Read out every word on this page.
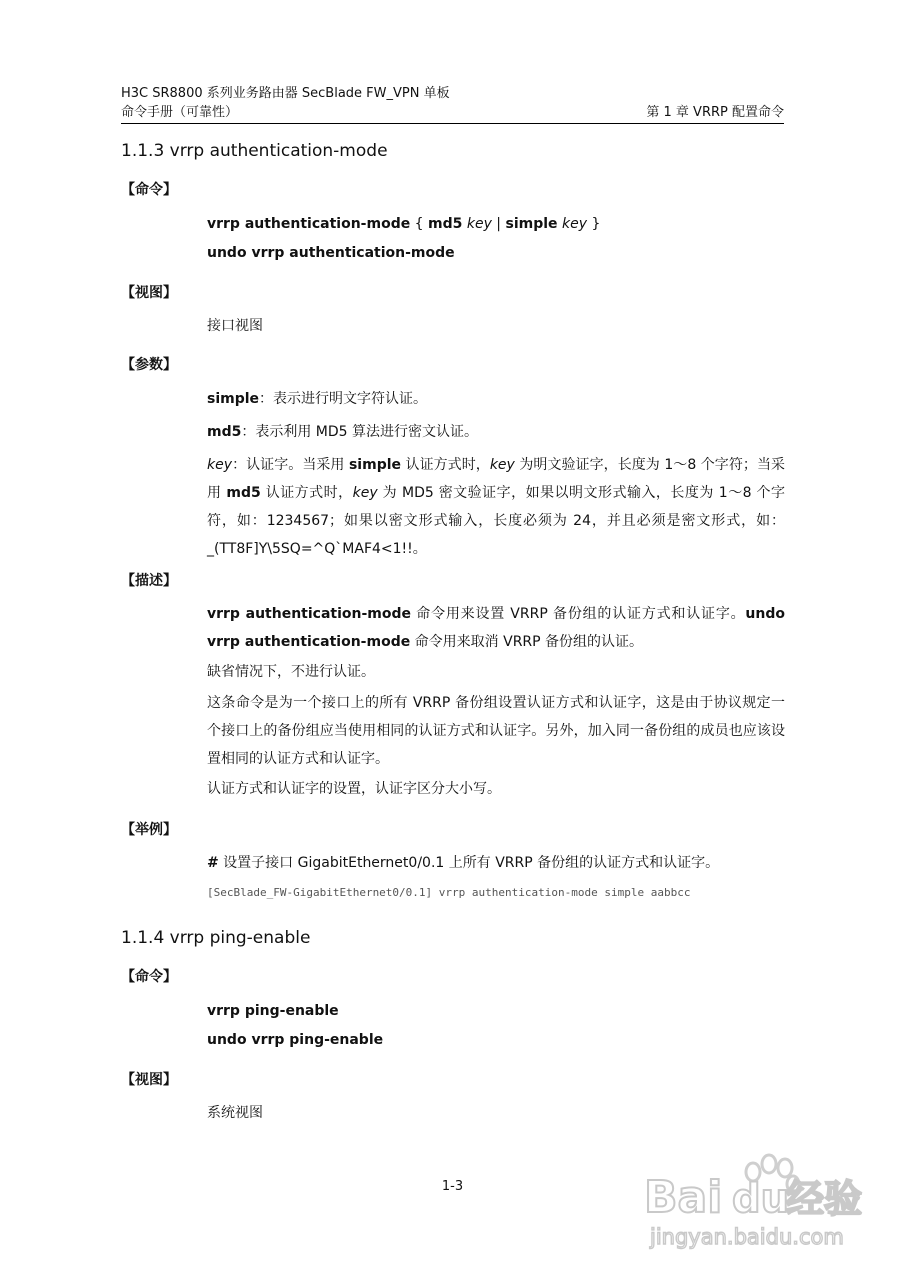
H3C SR8800 系列业务路由器 SecBlade FW_VPN 单板
命令手册（可靠性）	第 1 章 VRRP 配置命令
1.1.3 vrrp authentication-mode
【命令】
vrrp authentication-mode { md5 key | simple key }
undo vrrp authentication-mode
【视图】
接口视图
【参数】
simple：表示进行明文字符认证。
md5：表示利用 MD5 算法进行密文认证。
key：认证字。当采用 simple 认证方式时，key 为明文验证字，长度为 1～8 个字符；当采用 md5 认证方式时，key 为 MD5 密文验证字，如果以明文形式输入，长度为 1～8 个字符，如：1234567；如果以密文形式输入，长度必须为 24，并且必须是密文形式，如：_(TT8F]Y\5SQ=^Q`MAF4<1!!。
【描述】
vrrp authentication-mode 命令用来设置 VRRP 备份组的认证方式和认证字。undo vrrp authentication-mode 命令用来取消 VRRP 备份组的认证。
缺省情况下，不进行认证。
这条命令是为一个接口上的所有 VRRP 备份组设置认证方式和认证字，这是由于协议规定一个接口上的备份组应当使用相同的认证方式和认证字。另外，加入同一备份组的成员也应该设置相同的认证方式和认证字。
认证方式和认证字的设置，认证字区分大小写。
【举例】
# 设置子接口 GigabitEthernet0/0.1 上所有 VRRP 备份组的认证方式和认证字。
[SecBlade_FW-GigabitEthernet0/0.1] vrrp authentication-mode simple aabbcc
1.1.4 vrrp ping-enable
【命令】
vrrp ping-enable
undo vrrp ping-enable
【视图】
系统视图
1-3	Bai du
经验
jingyan.baidu.com
